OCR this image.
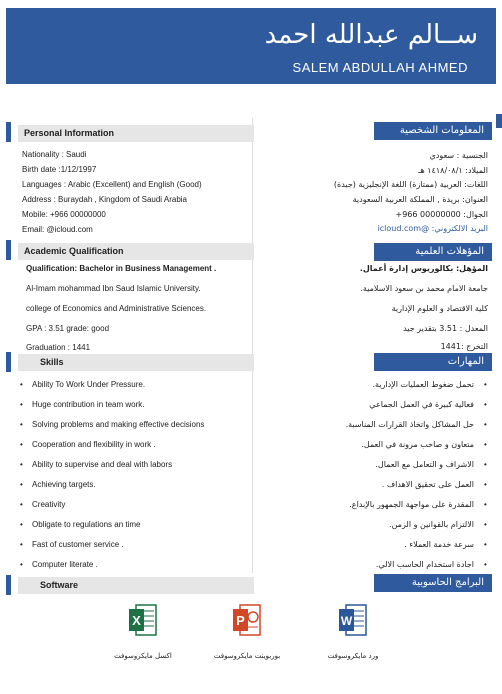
ســالم عبدالله احمد
SALEM ABDULLAH AHMED
Personal Information	المعلومات الشخصية
Nationality : Saudi
Birth date :1/12/1997
Languages : Arabic (Excellent) and English (Good)
Address : Buraydah , Kingdom of Saudi Arabia
Mobile: +966 00000000
Email: @icloud.com
الجنسية : سعودي
الميلاد: ١٤١٨/٠٨/١ هـ
اللغات: العربية (ممتازة) اللغة الإنجليزية (جيدة)
العنوان: بريدة , المملكة العربية السعودية
الجوال: 00000000 966+
البريد الالكتروني: @icloud.com
Academic Qualification	المؤهلات العلمية
Qualification: Bachelor in Business Management .
Al-Imam mohammad Ibn Saud Islamic University.
college of Economics and Administrative Sciences.
GPA : 3.51 grade: good
Graduation : 1441
المؤهل: بكالوريوس إدارة أعمال.
جامعة الامام محمد بن سعود الاسلامية.
كلية الاقتصاد و العلوم الإدارية
المعدل : 3.51 بتقدير جيد
التخرج :1441
Skills	المهارات
• Ability To Work Under Pressure.
• Huge contribution in team work.
• Solving problems and making effective decisions
• Cooperation and flexibility in work .
• Ability to supervise and deal with labors
• Achieving targets.
• Creativity
• Obligate to regulations an time
• Fast of customer service .
• Computer literate .
•
تحمل ضغوط العمليات الإدارية.
•
فعالية كبيرة في العمل الجماعي
•
حل المشاكل واتخاذ القرارات المناسبة.
•
متعاون و صاحب مرونة في العمل.
•
الاشراف و التعامل مع العمال.
•
العمل على تحقيق الاهداف .
•
المقدرة على مواجهة الجمهور بالإبداع.
•
الالتزام بالقوانين و الزمن.
•
سرعة خدمة العملاء .
•
اجادة استخدام الحاسب الالي.
Software	البرامج الحاسوبية
X
اكسل مايكروسوفت
P
بوربوينت مايكروسوفت
W
ورد مايكروسوفت
